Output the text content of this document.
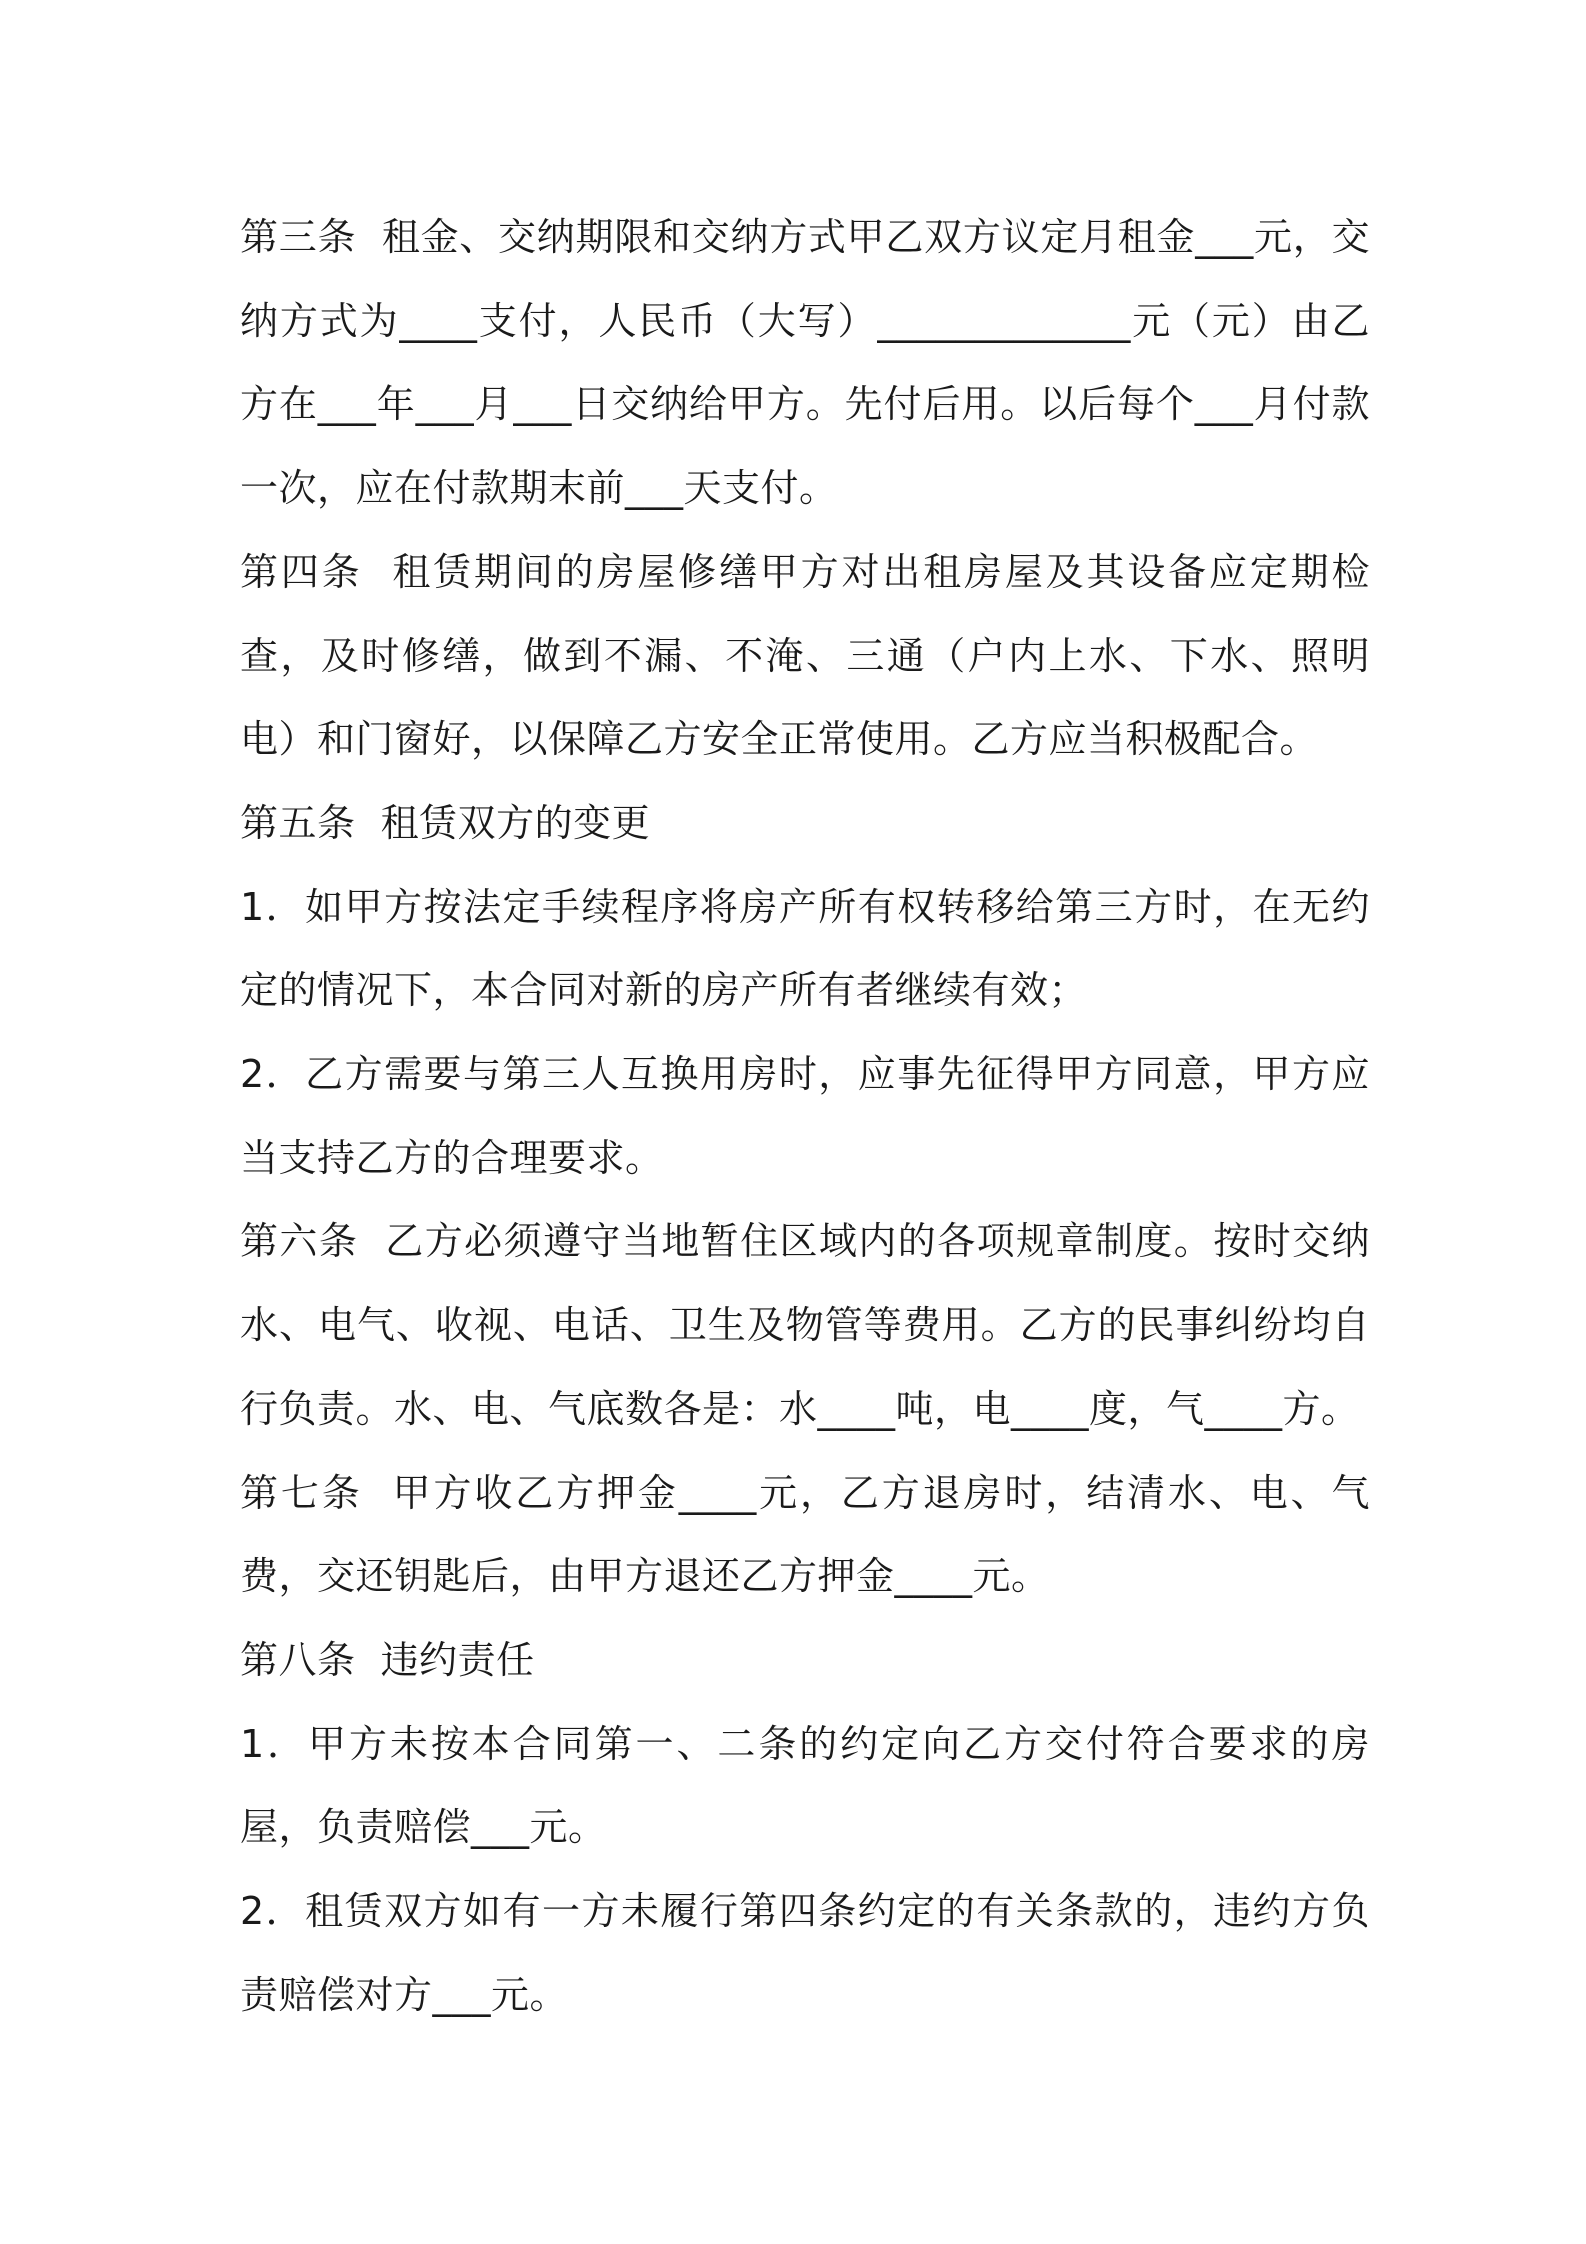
第三条  租金、交纳期限和交纳方式甲乙双方议定月租金___元，交纳方式为____支付，人民币（大写）_____________元（元）由乙方在___年___月___日交纳给甲方。先付后用。以后每个___月付款一次，应在付款期末前___天支付。

第四条  租赁期间的房屋修缮甲方对出租房屋及其设备应定期检查，及时修缮，做到不漏、不淹、三通（户内上水、下水、照明电）和门窗好，以保障乙方安全正常使用。乙方应当积极配合。

第五条  租赁双方的变更

1．如甲方按法定手续程序将房产所有权转移给第三方时，在无约定的情况下，本合同对新的房产所有者继续有效；

2．乙方需要与第三人互换用房时，应事先征得甲方同意，甲方应当支持乙方的合理要求。

第六条  乙方必须遵守当地暂住区域内的各项规章制度。按时交纳水、电气、收视、电话、卫生及物管等费用。乙方的民事纠纷均自行负责。水、电、气底数各是：水____吨，电____度，气____方。

第七条  甲方收乙方押金____元，乙方退房时，结清水、电、气费，交还钥匙后，由甲方退还乙方押金____元。

第八条  违约责任

1．甲方未按本合同第一、二条的约定向乙方交付符合要求的房屋，负责赔偿___元。

2．租赁双方如有一方未履行第四条约定的有关条款的，违约方负责赔偿对方___元。
